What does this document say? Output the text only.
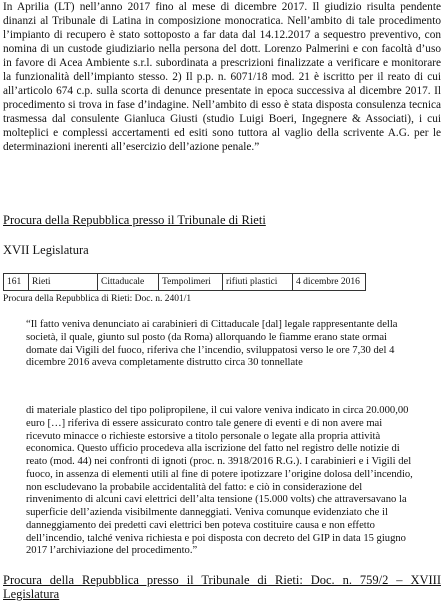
In Aprilia (LT) nell’anno 2017 fino al mese di dicembre 2017. Il giudizio risulta pendente dinanzi al Tribunale di Latina in composizione monocratica. Nell’ambito di tale procedimento l’impianto di recupero è stato sottoposto a far data dal 14.12.2017 a sequestro preventivo, con nomina di un custode giudiziario nella persona del dott. Lorenzo Palmerini e con facoltà d’uso in favore di Acea Ambiente s.r.l. subordinata a prescrizioni finalizzate a verificare e monitorare la funzionalità dell’impianto stesso. 2) Il p.p. n. 6071/18 mod. 21 è iscritto per il reato di cui all’articolo 674 c.p. sulla scorta di denunce presentate in epoca successiva al dicembre 2017. Il procedimento si trova in fase d’indagine. Nell’ambito di esso è stata disposta consulenza tecnica trasmessa dal consulente Gianluca Giusti (studio Luigi Boeri, Ingegnere & Associati), i cui molteplici e complessi accertamenti ed esiti sono tuttora al vaglio della scrivente A.G. per le determinazioni inerenti all’esercizio dell’azione penale.”

Procura della Repubblica presso il Tribunale di Rieti

XVII Legislatura

161	Rieti	Cittaducale	Tempolimeri	rifiuti plastici	4 dicembre 2016

Procura della Repubblica di Rieti: Doc. n. 2401/1

“Il fatto veniva denunciato ai carabinieri di Cittaducale [dal] legale rappresentante della società, il quale, giunto sul posto (da Roma) allorquando le fiamme erano state ormai domate dai Vigili del fuoco, riferiva che l’incendio, sviluppatosi verso le ore 7,30 del 4 dicembre 2016 aveva completamente distrutto circa 30 tonnellate

di materiale plastico del tipo polipropilene, il cui valore veniva indicato in circa 20.000,00 euro […] riferiva di essere assicurato contro tale genere di eventi e di non avere mai ricevuto minacce o richieste estorsive a titolo personale o legate alla propria attività economica. Questo ufficio procedeva alla iscrizione del fatto nel registro delle notizie di reato (mod. 44) nei confronti di ignoti (proc. n. 3918/2016 R.G.). I carabinieri e i Vigili del fuoco, in assenza di elementi utili al fine di potere ipotizzare l’origine dolosa dell’incendio, non escludevano la probabile accidentalità del fatto: e ciò in considerazione del rinvenimento di alcuni cavi elettrici dell’alta tensione (15.000 volts) che attraversavano la superficie dell’azienda visibilmente danneggiati. Veniva comunque evidenziato che il danneggiamento dei predetti cavi elettrici ben poteva costituire causa e non effetto dell’incendio, talché veniva richiesta e poi disposta con decreto del GIP in data 15 giugno 2017 l’archiviazione del procedimento.”

Procura della Repubblica presso il Tribunale di Rieti: Doc. n. 759/2 – XVIII

Legislatura
